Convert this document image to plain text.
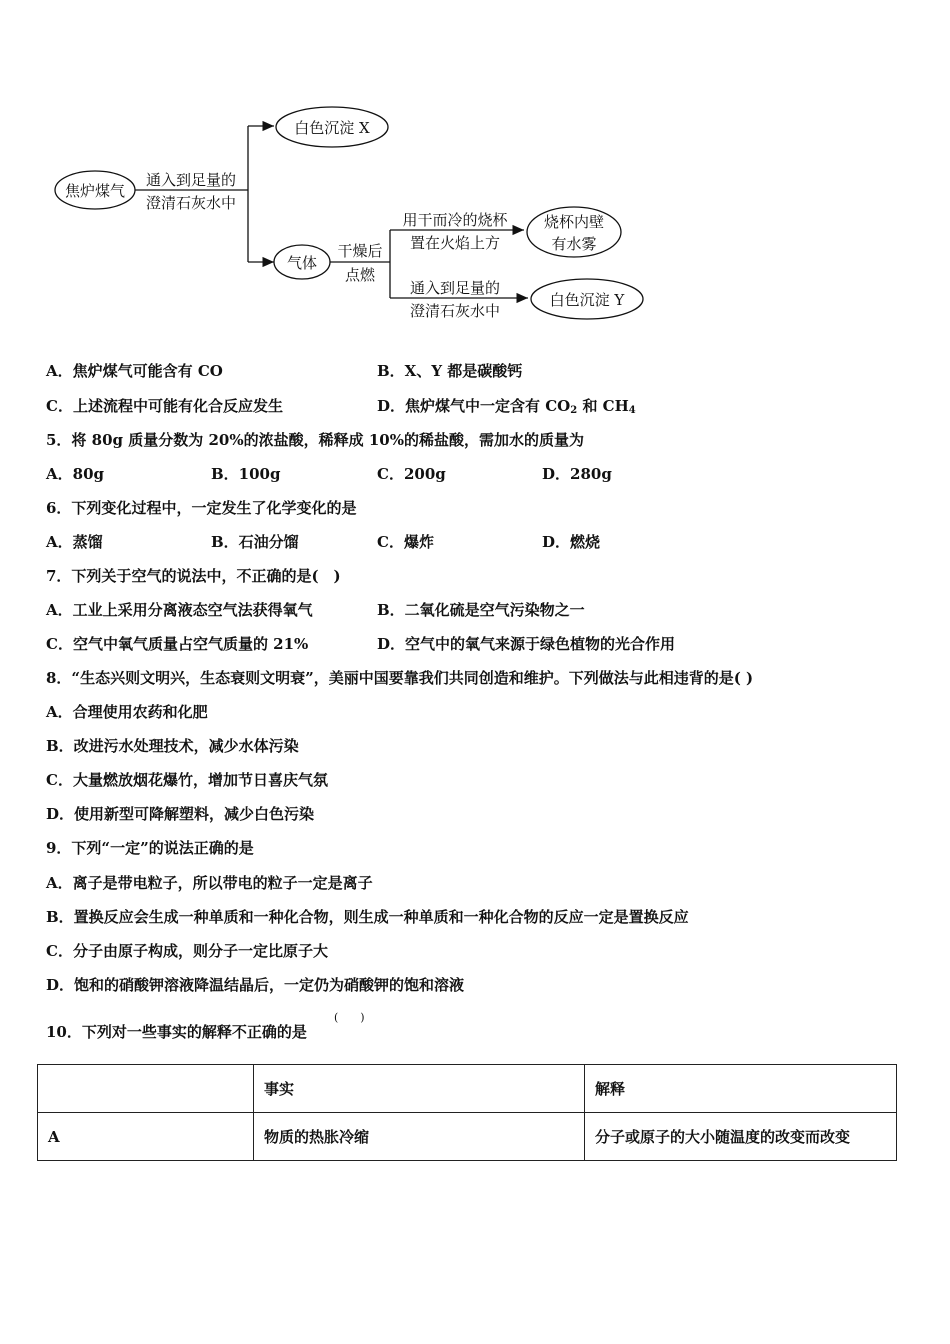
焦炉煤气
通入到足量的
澄清石灰水中
白色沉淀 X
气体
干燥后
点燃
用干而冷的烧杯
置在火焰上方
通入到足量的
澄清石灰水中
烧杯内壁
有水雾
白色沉淀 Y
A．焦炉煤气可能含有 CO	B．X、Y 都是碳酸钙
C．上述流程中可能有化合反应发生	D．焦炉煤气中一定含有 $CO_2$ 和 $CH_4$
5．将 80g 质量分数为 20%的浓盐酸，稀释成 10%的稀盐酸，需加水的质量为
A．80g	B．100g	C．200g	D．280g
6．下列变化过程中，一定发生了化学变化的是
A．蒸馏	B．石油分馏	C．爆炸	D．燃烧
7．下列关于空气的说法中，不正确的是(　)
A．工业上采用分离液态空气法获得氧气	B．二氧化硫是空气污染物之一
C．空气中氧气质量占空气质量的 21%	D．空气中的氧气来源于绿色植物的光合作用
8．“生态兴则文明兴，生态衰则文明衰”，美丽中国要靠我们共同创造和维护。下列做法与此相违背的是( )
A．合理使用农药和化肥
B．改进污水处理技术，减少水体污染
C．大量燃放烟花爆竹，增加节日喜庆气氛
D．使用新型可降解塑料，减少白色污染
9．下列“一定”的说法正确的是
A．离子是带电粒子，所以带电的粒子一定是离子
B．置换反应会生成一种单质和一种化合物，则生成一种单质和一种化合物的反应一定是置换反应
C．分子由原子构成，则分子一定比原子大
D．饱和的硝酸钾溶液降温结晶后，一定仍为硝酸钾的饱和溶液
10．下列对一些事实的解释不正确的是
(　　)
	事实	解释
A	物质的热胀冷缩	分子或原子的大小随温度的改变而改变
